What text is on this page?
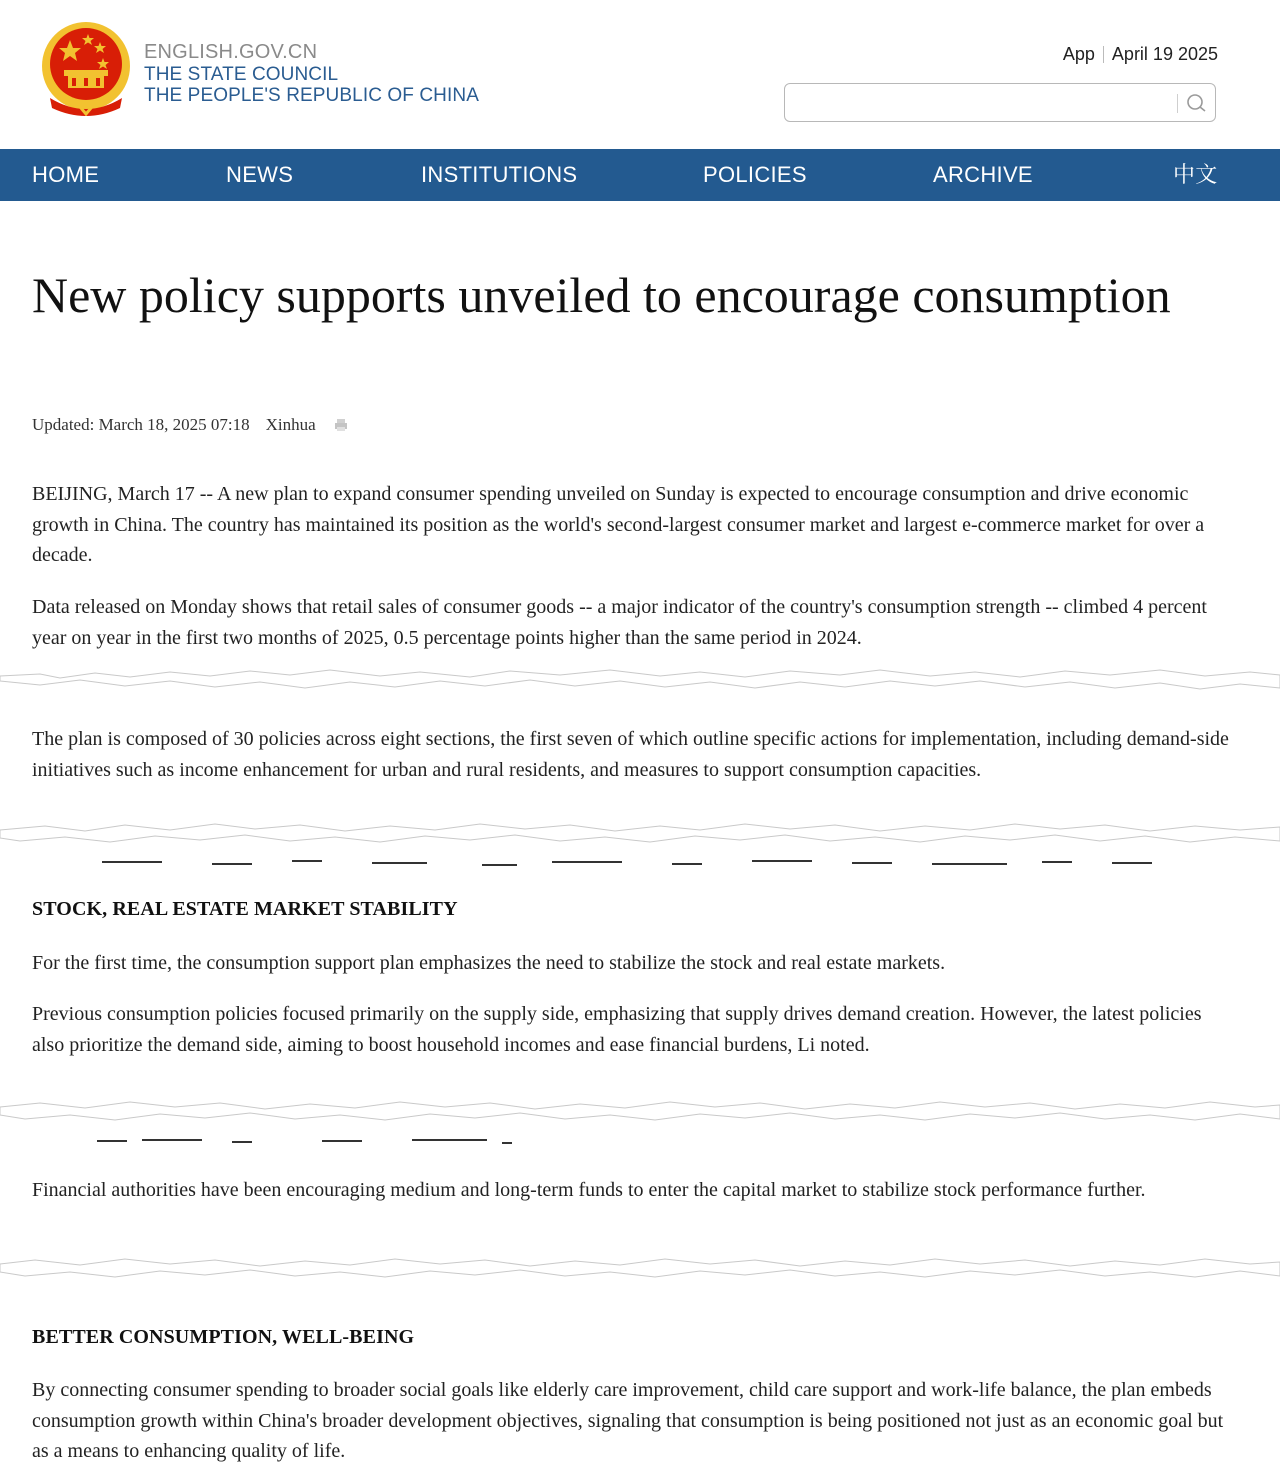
ENGLISH.GOV.CN
THE STATE COUNCIL
THE PEOPLE'S REPUBLIC OF CHINA
App April 19 2025
HOME	NEWS	INSTITUTIONS	POLICIES	ARCHIVE	中文
New policy supports unveiled to encourage consumption
Updated: March 18, 2025 07:18 Xinhua

BEIJING, March 17 -- A new plan to expand consumer spending unveiled on Sunday is expected to encourage consumption and drive economic growth in China. The country has maintained its position as the world's second-largest consumer market and largest e-commerce market for over a decade.

Data released on Monday shows that retail sales of consumer goods -- a major indicator of the country's consumption strength -- climbed 4 percent year on year in the first two months of 2025, 0.5 percentage points higher than the same period in 2024.

The plan is composed of 30 policies across eight sections, the first seven of which outline specific actions for implementation, including demand-side initiatives such as income enhancement for urban and rural residents, and measures to support consumption capacities.

STOCK, REAL ESTATE MARKET STABILITY

For the first time, the consumption support plan emphasizes the need to stabilize the stock and real estate markets.

Previous consumption policies focused primarily on the supply side, emphasizing that supply drives demand creation. However, the latest policies also prioritize the demand side, aiming to boost household incomes and ease financial burdens, Li noted.

Financial authorities have been encouraging medium and long-term funds to enter the capital market to stabilize stock performance further.

BETTER CONSUMPTION, WELL-BEING

By connecting consumer spending to broader social goals like elderly care improvement, child care support and work-life balance, the plan embeds consumption growth within China's broader development objectives, signaling that consumption is being positioned not just as an economic goal but as a means to enhancing quality of life.
